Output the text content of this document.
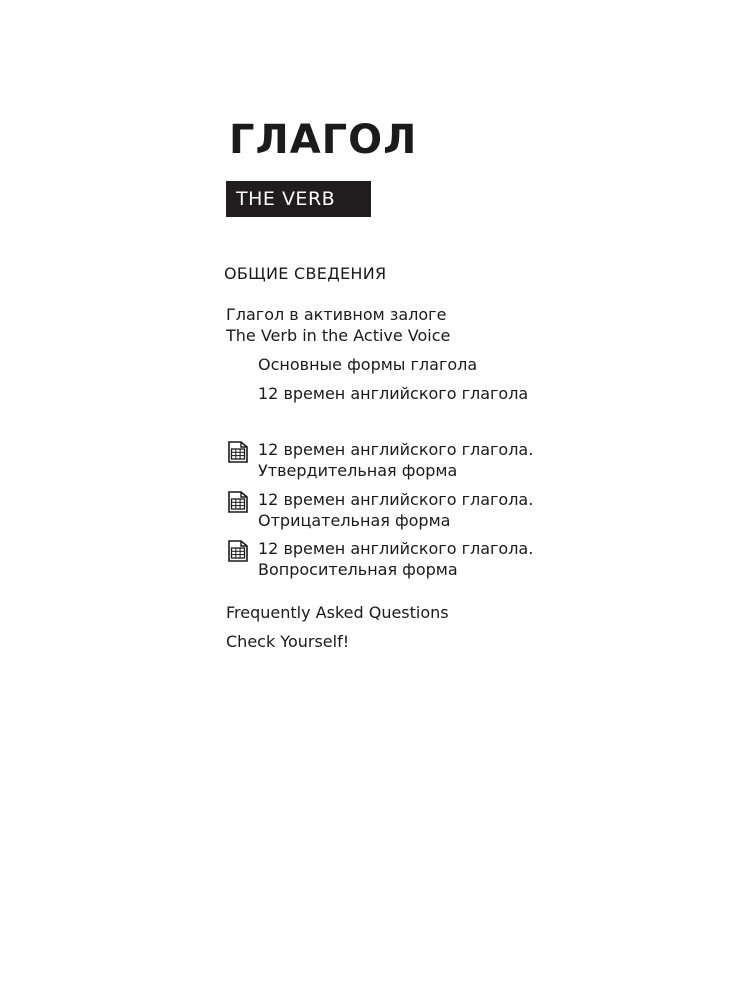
ГЛАГОЛ
THE VERB
ОБЩИЕ СВЕДЕНИЯ
Глагол в активном залоге
The Verb in the Active Voice
Основные формы глагола
12 времен английского глагола
12 времен английского глагола.
Утвердительная форма
12 времен английского глагола.
Отрицательная форма
12 времен английского глагола.
Вопросительная форма
Frequently Asked Questions
Check Yourself!
